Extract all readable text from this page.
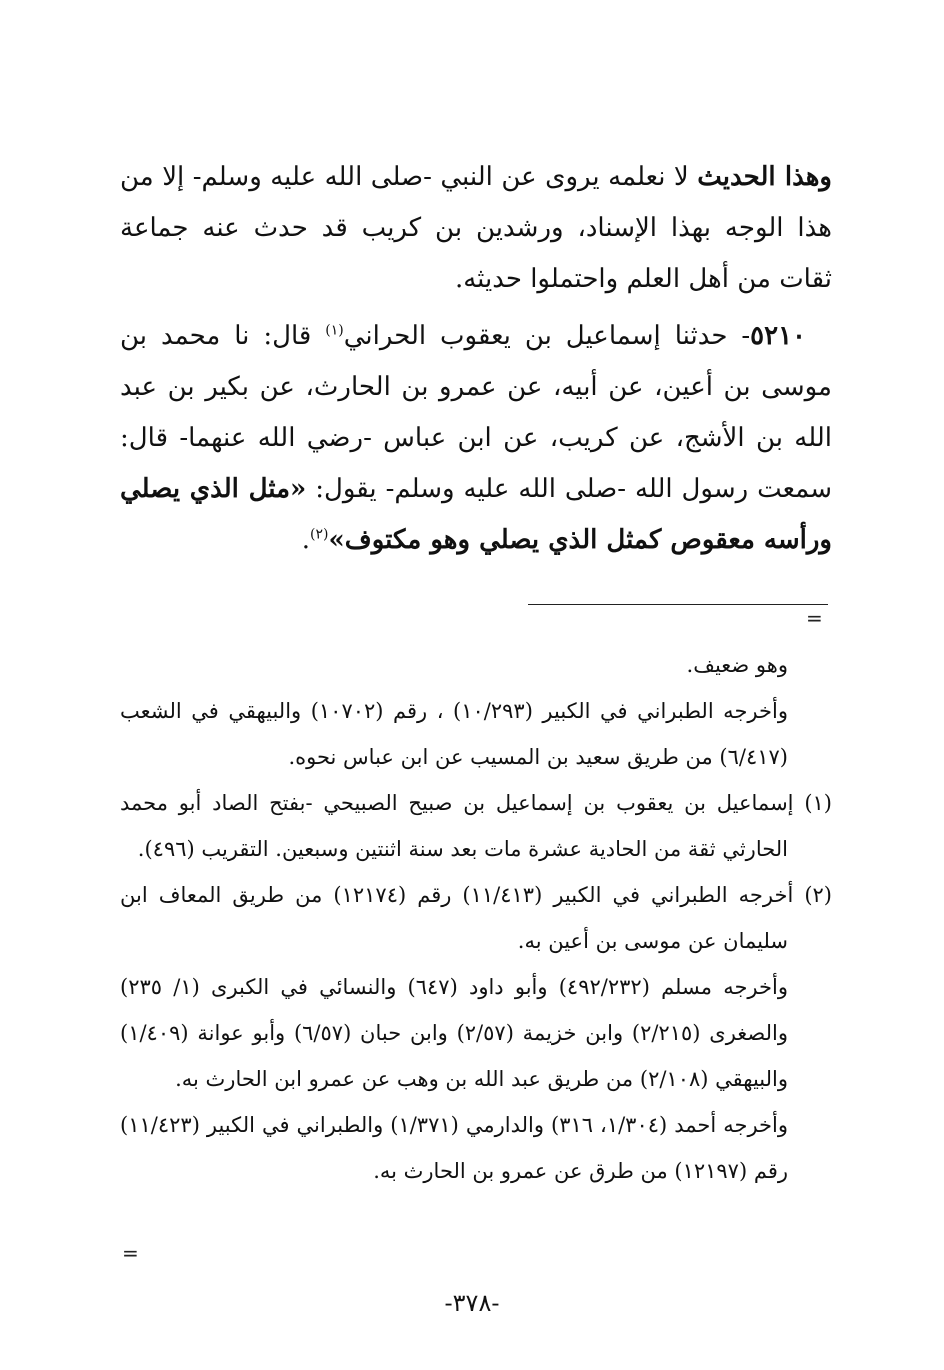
وهذا الحديث لا نعلمه يروى عن النبي -صلى الله عليه وسلم- إلا من هذا الوجه بهذا الإسناد، ورشدين بن كريب قد حدث عنه جماعة ثقات من أهل العلم واحتملوا حديثه.

 ٥٢١٠- حدثنا إسماعيل بن يعقوب الحراني$^{(١)}$ قال: نا محمد بن موسى بن أعين، عن أبيه، عن عمرو بن الحارث، عن بكير بن عبد الله بن الأشج، عن كريب، عن ابن عباس -رضي الله عنهما- قال: سمعت رسول الله -صلى الله عليه وسلم- يقول: «مثل الذي يصلي ورأسه معقوص كمثل الذي يصلي وهو مكتوف»$^{(٢)}$.

=

وهو ضعيف.

وأخرجه الطبراني في الكبير (١٠/٢٩٣) ، رقم (١٠٧٠٢) والبيهقي في الشعب (٦/٤١٧) من طريق سعيد بن المسيب عن ابن عباس نحوه.

(١) إسماعيل بن يعقوب بن إسماعيل بن صبيح الصبيحي -بفتح الصاد أبو محمد الحارثي ثقة من الحادية عشرة مات بعد سنة اثنتين وسبعين. التقريب (٤٩٦).

(٢) أخرجه الطبراني في الكبير (١١/٤١٣) رقم (١٢١٧٤) من طريق المعاف ابن سليمان عن موسى بن أعين به.

وأخرجه مسلم (٤٩٢/٢٣٢) وأبو داود (٦٤٧) والنسائي في الكبرى (١/ ٢٣٥) والصغرى (٢/٢١٥) وابن خزيمة (٢/٥٧) وابن حبان (٦/٥٧) وأبو عوانة (١/٤٠٩) والبيهقي (٢/١٠٨) من طريق عبد الله بن وهب عن عمرو ابن الحارث به.

وأخرجه أحمد (١/٣٠٤، ٣١٦) والدارمي (١/٣٧١) والطبراني في الكبير (١١/٤٢٣) رقم (١٢١٩٧) من طرق عن عمرو بن الحارث به.

=
-٣٧٨-
